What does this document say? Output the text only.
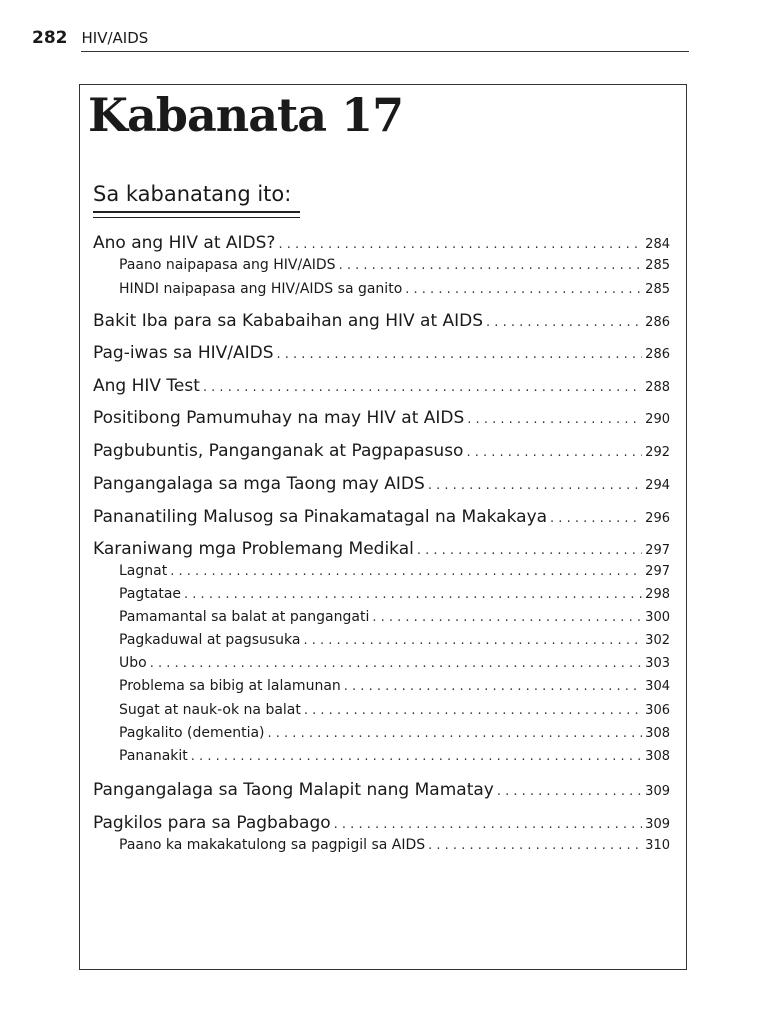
282 HIV/AIDS
Kabanata 17
Sa kabanatang ito:
Ano ang HIV at AIDS? . . .	284
Paano naipapasa ang HIV/AIDS . . .	285
HINDI naipapasa ang HIV/AIDS sa ganito . . .	285
Bakit Iba para sa Kababaihan ang HIV at AIDS . . .	286
Pag-iwas sa HIV/AIDS . . .	286
Ang HIV Test . . .	288
Positibong Pamumuhay na may HIV at AIDS . . .	290
Pagbubuntis, Panganganak at Pagpapasuso . . .	292
Pangangalaga sa mga Taong may AIDS . . .	294
Pananatiling Malusog sa Pinakamatagal na Makakaya . . .	296
Karaniwang mga Problemang Medikal . . .	297
Lagnat . . .	297
Pagtatae . . .	298
Pamamantal sa balat at pangangati . . .	300
Pagkaduwal at pagsusuka . . .	302
Ubo . . .	303
Problema sa bibig at lalamunan . . .	304
Sugat at nauk-ok na balat . . .	306
Pagkalito (dementia) . . .	308
Pananakit . . .	308
Pangangalaga sa Taong Malapit nang Mamatay . . .	309
Pagkilos para sa Pagbabago . . .	309
Paano ka makakatulong sa pagpigil sa AIDS . . .	310
